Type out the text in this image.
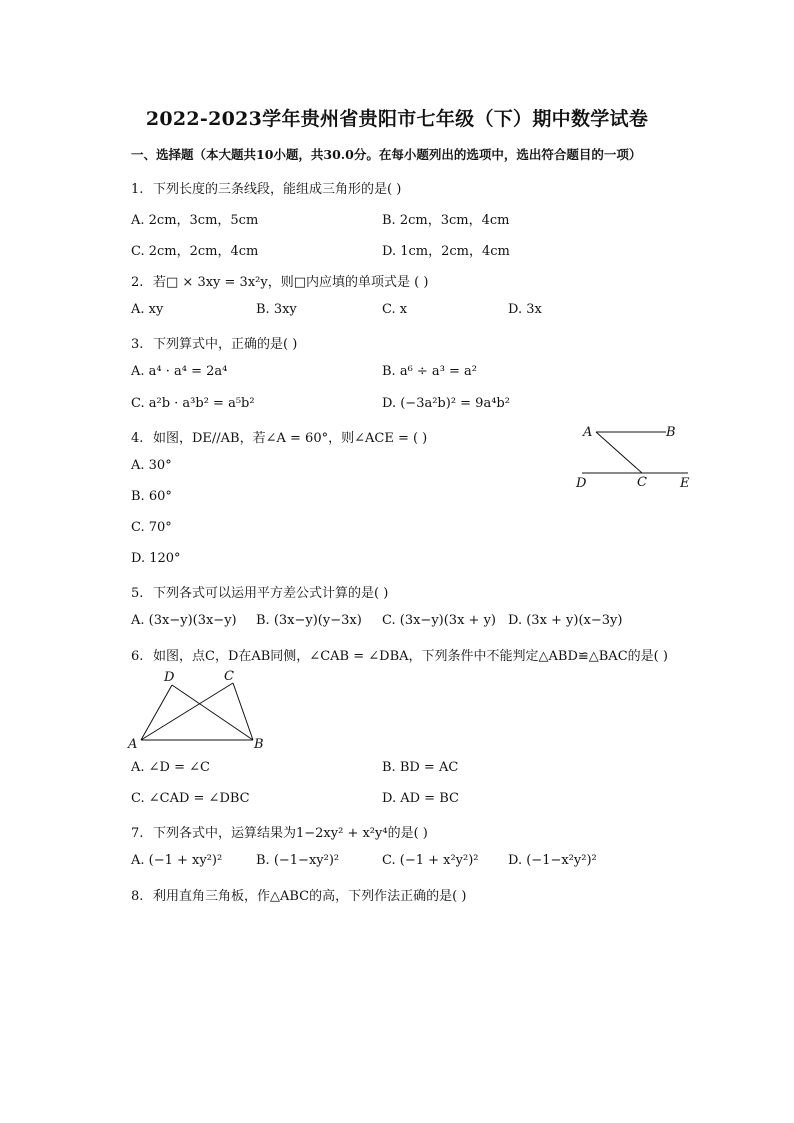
2022-2023学年贵州省贵阳市七年级（下）期中数学试卷
一、选择题（本大题共10小题，共30.0分。在每小题列出的选项中，选出符合题目的一项）
1. 下列长度的三条线段，能组成三角形的是( )
A. 2cm，3cm，5cm	B. 2cm，3cm，4cm
C. 2cm，2cm，4cm	D. 1cm，2cm，4cm
2. 若□ × 3xy = 3x²y，则□内应填的单项式是 ( )
A. xy	B. 3xy	C. x	D. 3x
3. 下列算式中，正确的是( )
A. a⁴ · a⁴ = 2a⁴	B. a⁶ ÷ a³ = a²
C. a²b · a³b² = a⁵b²	D. (−3a²b)² = 9a⁴b²
4. 如图，DE//AB，若∠A = 60°，则∠ACE = ( )
A. 30°
B. 60°
C. 70°
D. 120°
A	B
D	C	E
5. 下列各式可以运用平方差公式计算的是( )
A. (3x−y)(3x−y) B. (3x−y)(y−3x) C. (3x−y)(3x + y) D. (3x + y)(x−3y)
6. 如图，点C，D在AB同侧，∠CAB = ∠DBA，下列条件中不能判定△ABD≌△BAC的是( )
D	C
A	B
A. ∠D = ∠C	B. BD = AC
C. ∠CAD = ∠DBC	D. AD = BC
7. 下列各式中，运算结果为1−2xy² + x²y⁴的是( )
A. (−1 + xy²)²	B. (−1−xy²)²	C. (−1 + x²y²)² D. (−1−x²y²)²
8. 利用直角三角板，作△ABC的高，下列作法正确的是( )
